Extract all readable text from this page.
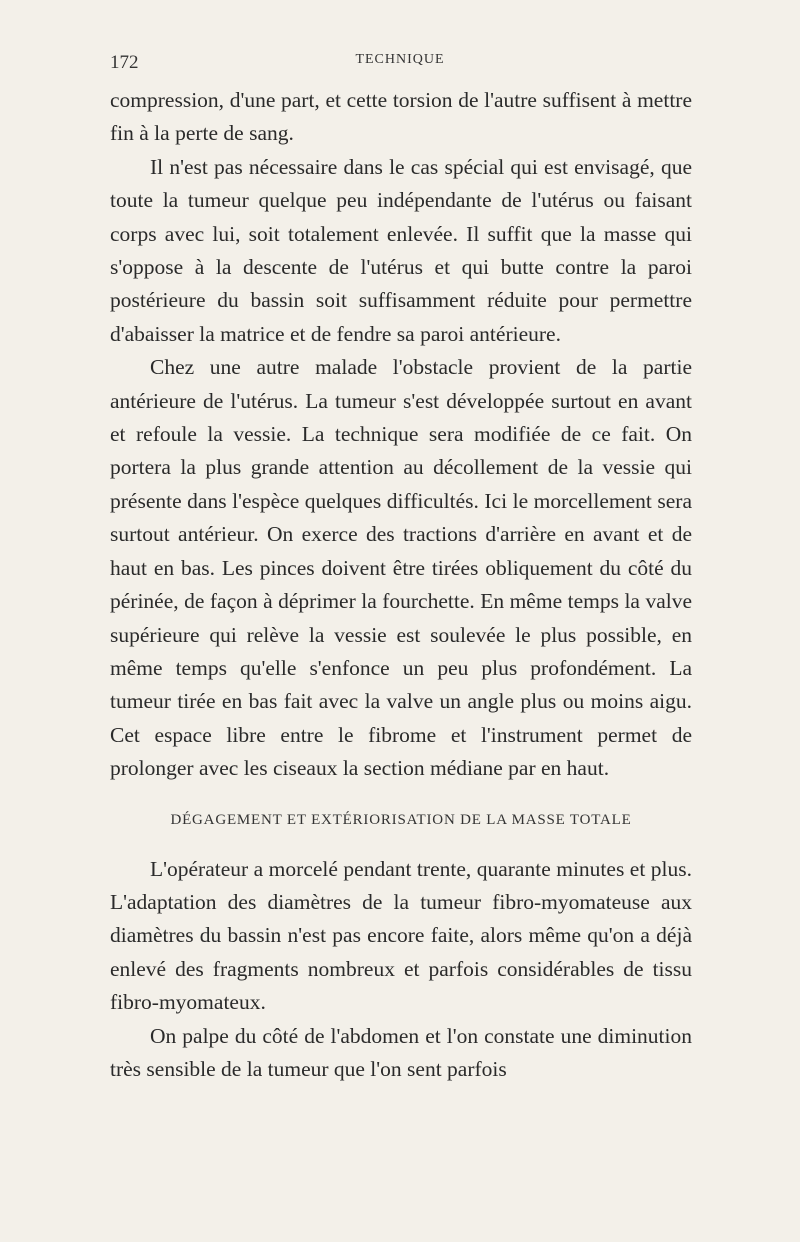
172	TECHNIQUE

compression, d'une part, et cette torsion de l'autre suffisent à mettre fin à la perte de sang.

Il n'est pas nécessaire dans le cas spécial qui est envisagé, que toute la tumeur quelque peu indépendante de l'utérus ou faisant corps avec lui, soit totalement enlevée. Il suffit que la masse qui s'oppose à la descente de l'utérus et qui butte contre la paroi postérieure du bassin soit suffisamment réduite pour permettre d'abaisser la matrice et de fendre sa paroi antérieure.

Chez une autre malade l'obstacle provient de la partie antérieure de l'utérus. La tumeur s'est développée surtout en avant et refoule la vessie. La technique sera modifiée de ce fait. On portera la plus grande attention au décollement de la vessie qui présente dans l'espèce quelques difficultés. Ici le morcellement sera surtout antérieur. On exerce des tractions d'arrière en avant et de haut en bas. Les pinces doivent être tirées obliquement du côté du périnée, de façon à déprimer la fourchette. En même temps la valve supérieure qui relève la vessie est soulevée le plus possible, en même temps qu'elle s'enfonce un peu plus profondément. La tumeur tirée en bas fait avec la valve un angle plus ou moins aigu. Cet espace libre entre le fibrome et l'instrument permet de prolonger avec les ciseaux la section médiane par en haut.

DÉGAGEMENT ET EXTÉRIORISATION DE LA MASSE TOTALE

L'opérateur a morcelé pendant trente, quarante minutes et plus. L'adaptation des diamètres de la tumeur fibro-myomateuse aux diamètres du bassin n'est pas encore faite, alors même qu'on a déjà enlevé des fragments nombreux et parfois considérables de tissu fibro-myomateux.

On palpe du côté de l'abdomen et l'on constate une diminution très sensible de la tumeur que l'on sent parfois
